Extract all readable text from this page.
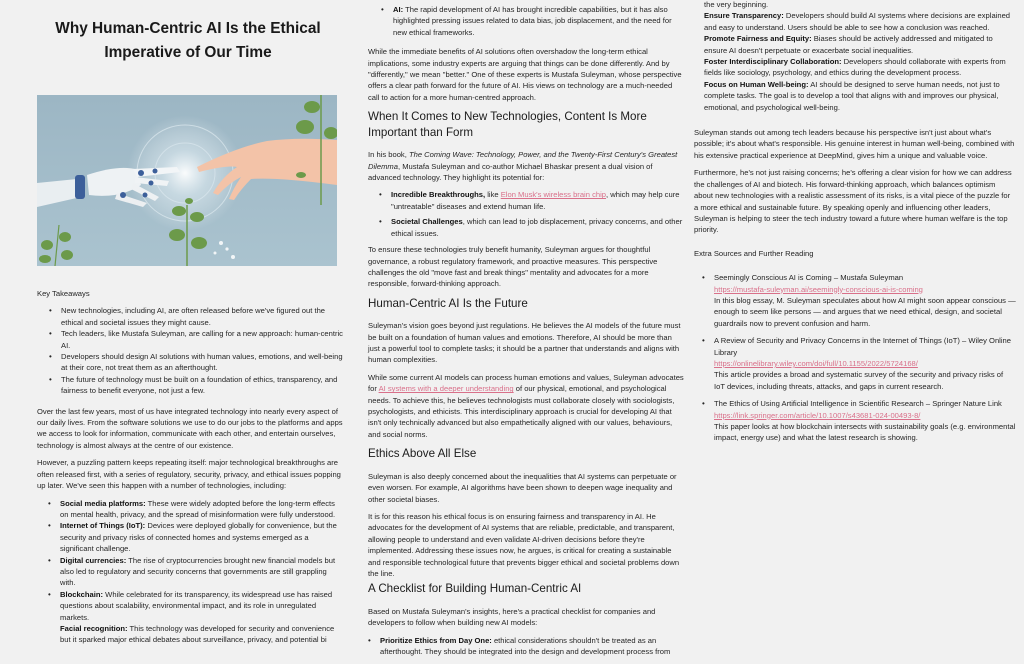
Why Human-Centric AI Is the Ethical Imperative of Our Time

Key Takeaways

• New technologies, including AI, are often released before we've figured out the ethical and societal issues they might cause.
• Tech leaders, like Mustafa Suleyman, are calling for a new approach: human-centric AI.
• Developers should design AI solutions with human values, emotions, and well-being at their core, not treat them as an afterthought.
• The future of technology must be built on a foundation of ethics, transparency, and fairness to benefit everyone, not just a few.

Over the last few years, most of us have integrated technology into nearly every aspect of our daily lives. From the software solutions we use to do our jobs to the platforms and apps we access to look for information, communicate with each other, and entertain ourselves, technology is almost always at the centre of our existence.

However, a puzzling pattern keeps repeating itself: major technological breakthroughs are often released first, with a series of regulatory, security, privacy, and ethical issues popping up later. We've seen this happen with a number of technologies, including:

• Social media platforms: These were widely adopted before the long-term effects on mental health, privacy, and the spread of misinformation were fully understood.
• Internet of Things (IoT): Devices were deployed globally for convenience, but the security and privacy risks of connected homes and systems emerged as a significant challenge.
• Digital currencies: The rise of cryptocurrencies brought new financial models but also led to regulatory and security concerns that governments are still grappling with.
• Blockchain: While celebrated for its transparency, its widespread use has raised questions about scalability, environmental impact, and its role in unregulated markets.
• Facial recognition: This technology was developed for security and convenience but it sparked major ethical debates about surveillance, privacy, and potential bi
• AI: The rapid development of AI has brought incredible capabilities, but it has also highlighted pressing issues related to data bias, job displacement, and the need for new ethical frameworks.

While the immediate benefits of AI solutions often overshadow the long-term ethical implications, some industry experts are arguing that things can be done differently. And by "differently," we mean "better." One of these experts is Mustafa Suleyman, whose perspective offers a clear path forward for the future of AI. His views on technology are a much-needed call to action for a more human-centred approach.

When It Comes to New Technologies, Content Is More Important than Form

In his book, The Coming Wave: Technology, Power, and the Twenty-First Century's Greatest Dilemma, Mustafa Suleyman and co-author Michael Bhaskar present a dual vision of advanced technology. They highlight its potential for:

• Incredible Breakthroughs, like Elon Musk's wireless brain chip, which may help cure "untreatable" diseases and extend human life.
• Societal Challenges, which can lead to job displacement, privacy concerns, and other ethical issues.

To ensure these technologies truly benefit humanity, Suleyman argues for thoughtful governance, a robust regulatory framework, and proactive measures. This perspective challenges the old "move fast and break things" mentality and advocates for a more responsible, forward-thinking approach.

Human-Centric AI Is the Future

Suleyman's vision goes beyond just regulations. He believes the AI models of the future must be built on a foundation of human values and emotions. Therefore, AI should be more than just a powerful tool to complete tasks; it should be a partner that understands and aligns with human complexities.

While some current AI models can process human emotions and values, Suleyman advocates for AI systems with a deeper understanding of our physical, emotional, and psychological needs. To achieve this, he believes technologists must collaborate closely with sociologists, psychologists, and ethicists. This interdisciplinary approach is crucial for developing AI that isn't only technically advanced but also empathetically aligned with our values, behaviours, and social norms.

Ethics Above All Else

Suleyman is also deeply concerned about the inequalities that AI systems can perpetuate or even worsen. For example, AI algorithms have been shown to deepen wage inequality and other societal biases.

It is for this reason his ethical focus is on ensuring fairness and transparency in AI. He advocates for the development of AI systems that are reliable, predictable, and transparent, allowing people to understand and even validate AI-driven decisions before they're implemented. Addressing these issues now, he argues, is critical for creating a sustainable and responsible technological future that prevents bigger ethical and societal problems down the line.

A Checklist for Building Human-Centric AI

Based on Mustafa Suleyman's insights, here's a practical checklist for companies and developers to follow when building new AI models:

• Prioritize Ethics from Day One: ethical considerations shouldn't be treated as an afterthought. They should be integrated into the design and development process from
the very beginning.
Ensure Transparency: Developers should build AI systems where decisions are explained and easy to understand. Users should be able to see how a conclusion was reached.
Promote Fairness and Equity: Biases should be actively addressed and mitigated to ensure AI doesn't perpetuate or exacerbate social inequalities.
Foster Interdisciplinary Collaboration: Developers should collaborate with experts from fields like sociology, psychology, and ethics during the development process.
Focus on Human Well-being: AI should be designed to serve human needs, not just to complete tasks. The goal is to develop a tool that aligns with and improves our physical, emotional, and psychological well-being.

Suleyman stands out among tech leaders because his perspective isn't just about what's possible; it's about what's responsible. His genuine interest in human well-being, combined with his extensive practical experience at DeepMind, gives him a unique and valuable voice.

Furthermore, he's not just raising concerns; he's offering a clear vision for how we can address the challenges of AI and biotech. His forward-thinking approach, which balances optimism about new technologies with a realistic assessment of its risks, is a vital piece of the puzzle for a more ethical and sustainable future. By speaking openly and influencing other leaders, Suleyman is helping to steer the tech industry toward a future where human welfare is the top priority.

Extra Sources and Further Reading

• Seemingly Conscious AI is Coming – Mustafa Suleyman
https://mustafa-suleyman.ai/seemingly-conscious-ai-is-coming
In this blog essay, M. Suleyman speculates about how AI might soon appear conscious — enough to seem like persons — and argues that we need ethical, design, and societal guardrails now to prevent confusion and harm.
• A Review of Security and Privacy Concerns in the Internet of Things (IoT) – Wiley Online Library
https://onlinelibrary.wiley.com/doi/full/10.1155/2022/5724168/
This article provides a broad and systematic survey of the security and privacy risks of IoT devices, including threats, attacks, and gaps in current research.
• The Ethics of Using Artificial Intelligence in Scientific Research – Springer Nature Link
https://link.springer.com/article/10.1007/s43681-024-00493-8/
This paper looks at how blockchain intersects with sustainability goals (e.g. environmental impact, energy use) and what the latest research is showing.
